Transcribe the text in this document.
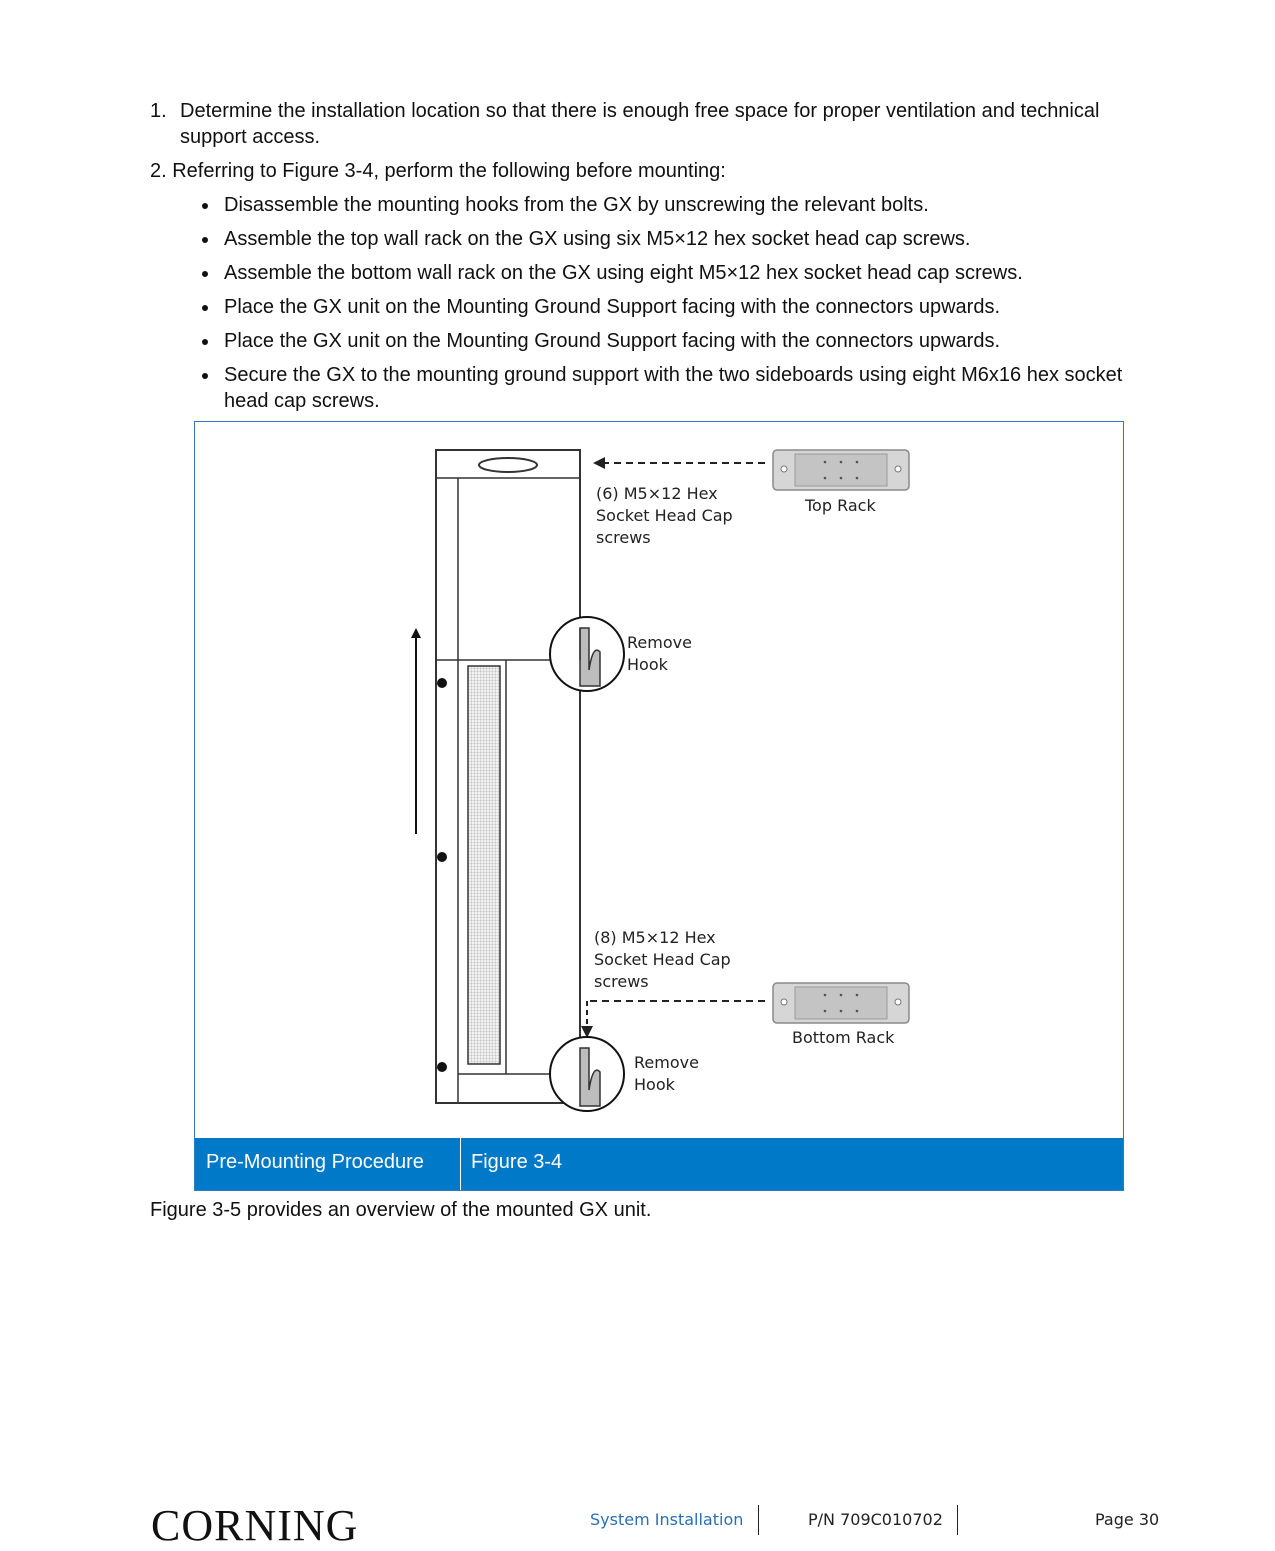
1. Determine the installation location so that there is enough free space for proper ventilation and technical
support access.
2. Referring to Figure 3-4, perform the following before mounting:
Disassemble the mounting hooks from the GX by unscrewing the relevant bolts.
Assemble the top wall rack on the GX using six M5×12 hex socket head cap screws.
Assemble the bottom wall rack on the GX using eight M5×12 hex socket head cap screws.
Place the GX unit on the Mounting Ground Support facing with the connectors upwards.
Place the GX unit on the Mounting Ground Support facing with the connectors upwards.
Secure the GX to the mounting ground support with the two sideboards using eight M6x16 hex socket
head cap screws.
(6) M5×12 Hex
Socket Head Cap
screws
Top Rack
Remove
Hook
(8) M5×12 Hex
Socket Head Cap
screws
Bottom Rack
Remove
Hook
Pre-Mounting Procedure Figure 3-4
Figure 3-5 provides an overview of the mounted GX unit.
CORNING	System Installation	P/N 709C010702	Page 30
